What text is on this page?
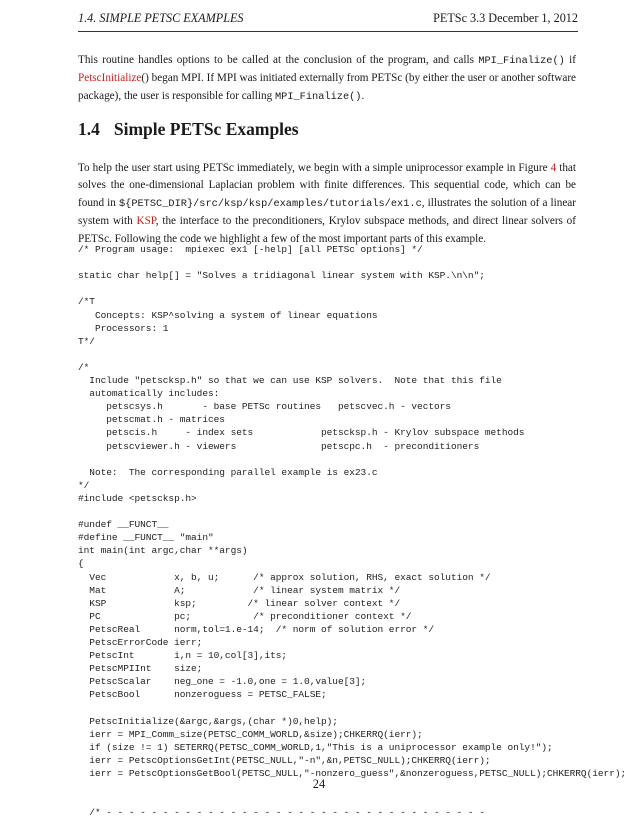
1.4. SIMPLE PETSC EXAMPLES	PETSc 3.3 December 1, 2012
This routine handles options to be called at the conclusion of the program, and calls MPI_Finalize() if PetscInitialize() began MPI. If MPI was initiated externally from PETSc (by either the user or another software package), the user is responsible for calling MPI_Finalize().
1.4 Simple PETSc Examples
To help the user start using PETSc immediately, we begin with a simple uniprocessor example in Figure 4 that solves the one-dimensional Laplacian problem with finite differences. This sequential code, which can be found in ${PETSC_DIR}/src/ksp/ksp/examples/tutorials/ex1.c, illustrates the solution of a linear system with KSP, the interface to the preconditioners, Krylov subspace methods, and direct linear solvers of PETSc. Following the code we highlight a few of the most important parts of this example.
/* Program usage:  mpiexec ex1 [-help] [all PETSc options] */
static char help[] = "Solves a tridiagonal linear system with KSP.\n\n";
/*T
Concepts: KSP^solving a system of linear equations
Processors: 1
T*/
/*
Include "petscksp.h" so that we can use KSP solvers.  Note that this file
automatically includes:
petscsys.h       - base PETSc routines   petscvec.h - vectors
petscmat.h - matrices
petscis.h     - index sets            petscksp.h - Krylov subspace methods
petscviewer.h - viewers               petscpc.h  - preconditioners
Note:  The corresponding parallel example is ex23.c
*/
#include <petscksp.h>
#undef __FUNCT__
#define __FUNCT__ "main"
int main(int argc,char **args)
{
Vec            x, b, u;      /* approx solution, RHS, exact solution */
Mat            A;            /* linear system matrix */
KSP            ksp;         /* linear solver context */
PC             pc;           /* preconditioner context */
PetscReal      norm,tol=1.e-14;  /* norm of solution error */
PetscErrorCode ierr;
PetscInt       i,n = 10,col[3],its;
PetscMPIInt    size;
PetscScalar    neg_one = -1.0,one = 1.0,value[3];
PetscBool      nonzeroguess = PETSC_FALSE;
PetscInitialize(&argc,&args,(char *)0,help);
ierr = MPI_Comm_size(PETSC_COMM_WORLD,&size);CHKERRQ(ierr);
if (size != 1) SETERRQ(PETSC_COMM_WORLD,1,"This is a uniprocessor example only!");
ierr = PetscOptionsGetInt(PETSC_NULL,"-n",&n,PETSC_NULL);CHKERRQ(ierr);
ierr = PetscOptionsGetBool(PETSC_NULL,"-nonzero_guess",&nonzeroguess,PETSC_NULL);CHKERRQ(ierr);
/* - - - - - - - - - - - - - - - - - - - - - - - - - - - - - - - - - -
24
